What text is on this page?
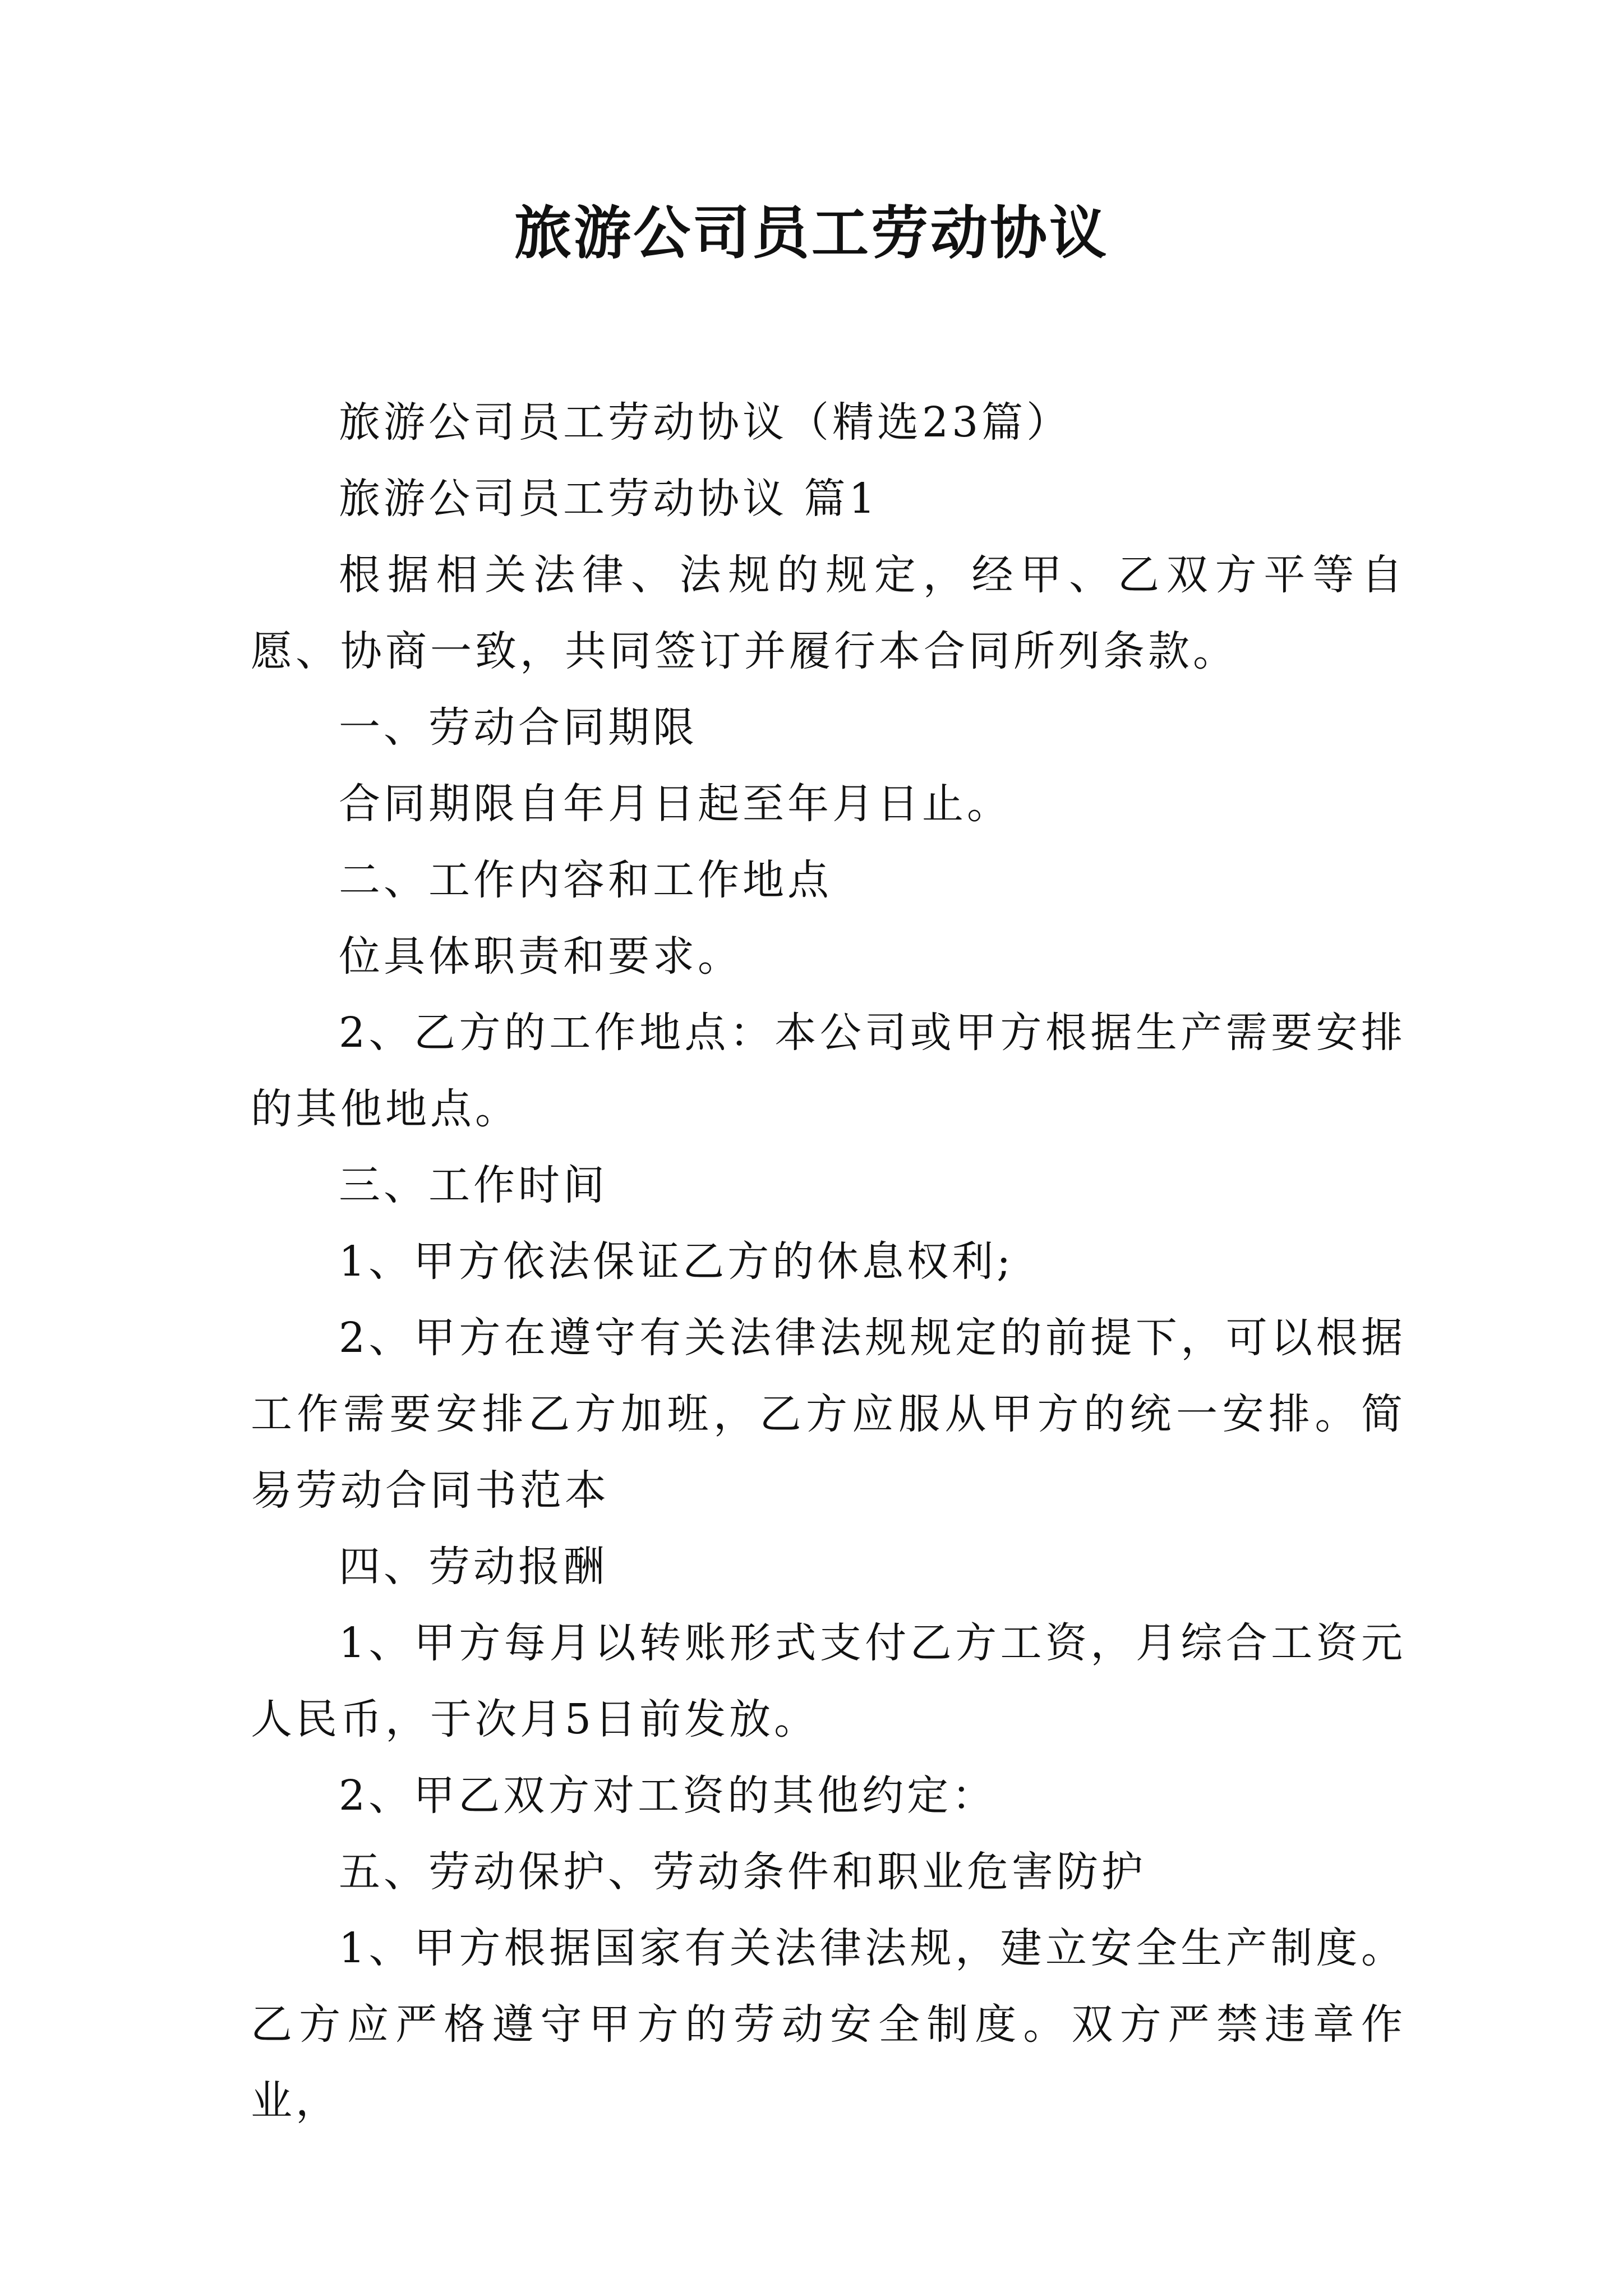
旅游公司员工劳动协议

旅游公司员工劳动协议（精选23篇）

旅游公司员工劳动协议 篇1

根据相关法律、法规的规定，经甲、乙双方平等自愿、协商一致，共同签订并履行本合同所列条款。

一、劳动合同期限

合同期限自年月日起至年月日止。

二、工作内容和工作地点

位具体职责和要求。

2、乙方的工作地点：本公司或甲方根据生产需要安排的其他地点。

三、工作时间

1、甲方依法保证乙方的休息权利;

2、甲方在遵守有关法律法规规定的前提下，可以根据工作需要安排乙方加班，乙方应服从甲方的统一安排。简易劳动合同书范本

四、劳动报酬

1、甲方每月以转账形式支付乙方工资，月综合工资元人民币，于次月5日前发放。

2、甲乙双方对工资的其他约定：

五、劳动保护、劳动条件和职业危害防护

1、甲方根据国家有关法律法规，建立安全生产制度。乙方应严格遵守甲方的劳动安全制度。双方严禁违章作业，
